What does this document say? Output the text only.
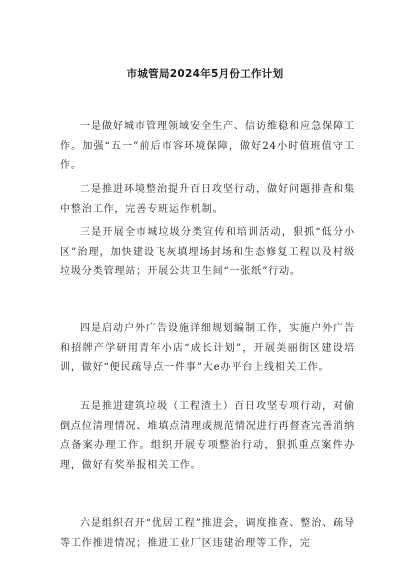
市城管局2024年5月份工作计划

一是做好城市管理领域安全生产、信访维稳和应急保障工作。加强“五一”前后市容环境保障，做好24小时值班值守工作。

二是推进环境整治提升百日攻坚行动，做好问题排查和集中整治工作，完善专班运作机制。

三是开展全市城垃圾分类宣传和培训活动，狠抓“低分小区”治理，加快建设飞灰填埋场封场和生态修复工程以及村级垃圾分类管理站；开展公共卫生间“一张纸”行动。

四是启动户外广告设施详细规划编制工作，实施户外广告和招牌产学研用青年小店“成长计划”，开展美丽街区建设培训，做好“便民疏导点一件事”大e办平台上线相关工作。

五是推进建筑垃圾（工程渣土）百日攻坚专项行动，对偷倒点位清理情况、堆填点清理或规范情况进行再督查完善消纳点备案办理工作。组织开展专项整治行动，狠抓重点案件办理，做好有奖举报相关工作。

六是组织召开“优居工程”推进会，调度推查、整治、疏导等工作推进情况；推进工业厂区违建治理等工作，完
